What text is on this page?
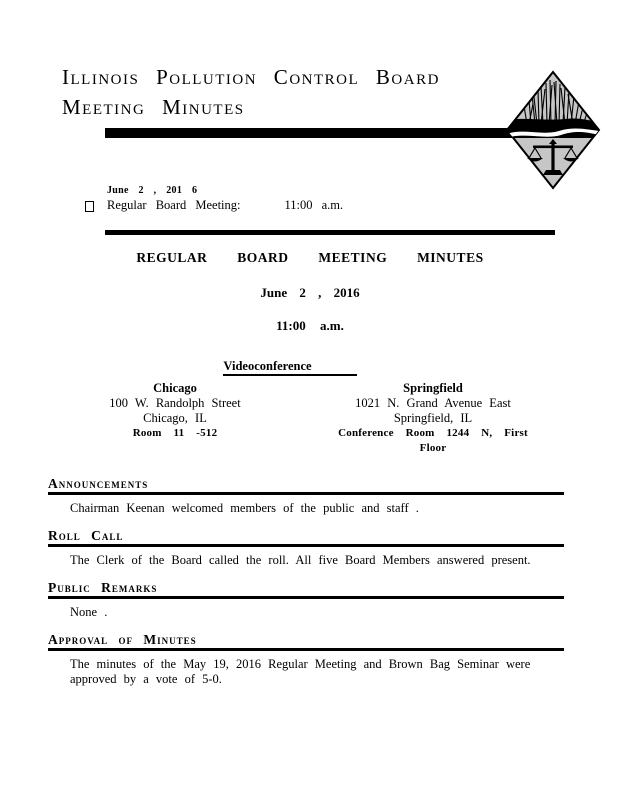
Illinois Pollution Control Board
Meeting Minutes
June 2 , 201 6
Regular Board Meeting:	11:00 a.m.
REGULAR BOARD MEETING MINUTES
June 2 , 2016
11:00 a.m.
Videoconference
Chicago
100 W. Randolph Street
Chicago, IL
Room 11 -512
Springfield
1021 N. Grand Avenue East
Springfield, IL
Conference Room 1244 N, First Floor
Announcements
Chairman Keenan welcomed members of the public and staff .
Roll Call
The Clerk of the Board called the roll. All five Board Members answered present.
Public Remarks
None .
Approval of Minutes
The minutes of the May 19, 2016 Regular Meeting and Brown Bag Seminar were approved by a vote of 5-0.
